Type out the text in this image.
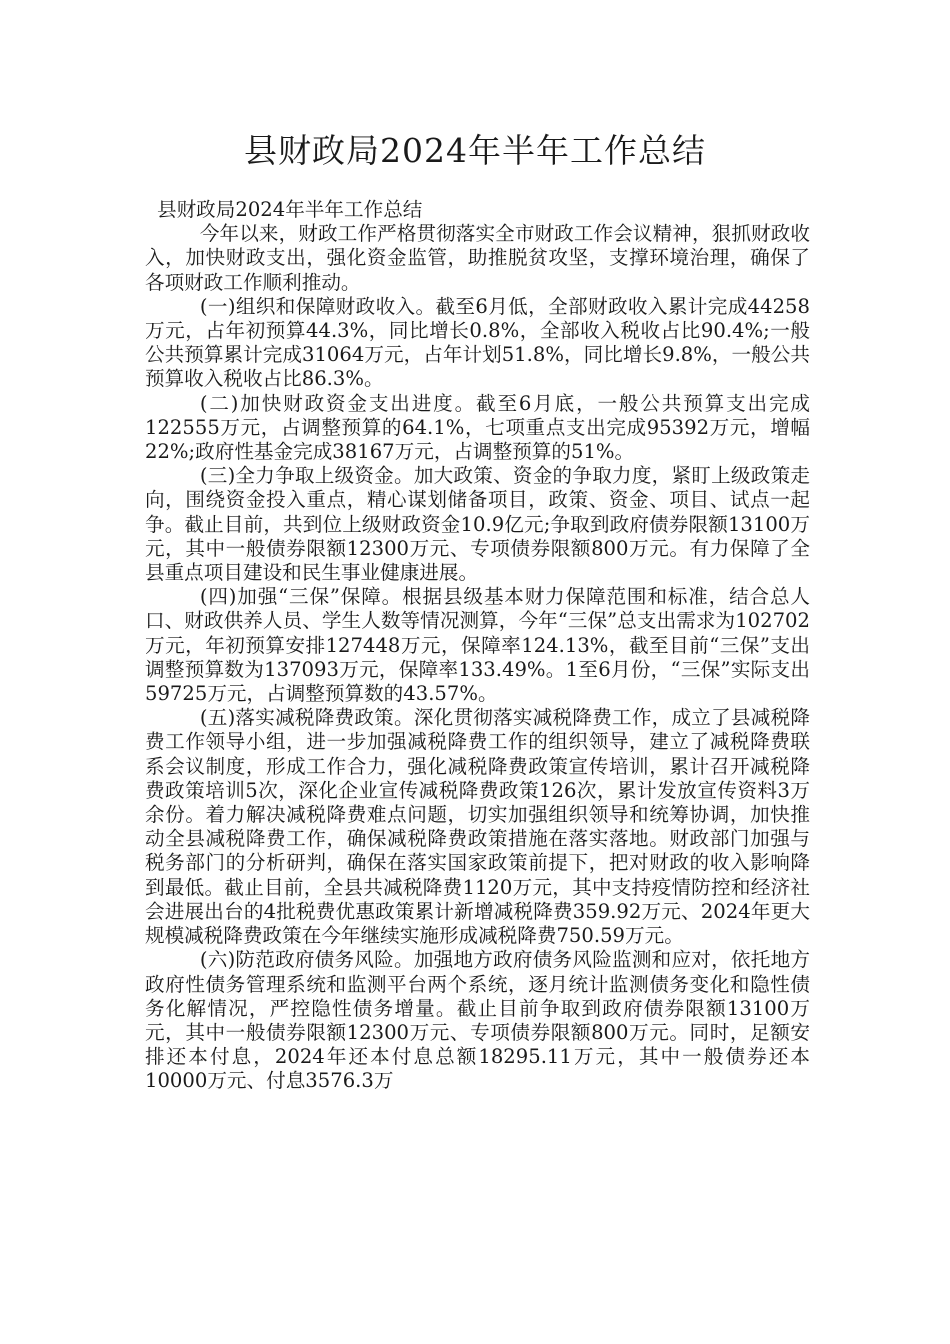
县财政局2024年半年工作总结

县财政局2024年半年工作总结

今年以来，财政工作严格贯彻落实全市财政工作会议精神，狠抓财政收入，加快财政支出，强化资金监管，助推脱贫攻坚，支撑环境治理，确保了各项财政工作顺利推动。

(一)组织和保障财政收入。截至6月低，全部财政收入累计完成44258万元，占年初预算44.3%，同比增长0.8%，全部收入税收占比90.4%;一般公共预算累计完成31064万元，占年计划51.8%，同比增长9.8%，一般公共预算收入税收占比86.3%。

(二)加快财政资金支出进度。截至6月底，一般公共预算支出完成122555万元，占调整预算的64.1%，七项重点支出完成95392万元，增幅22%;政府性基金完成38167万元，占调整预算的51%。

(三)全力争取上级资金。加大政策、资金的争取力度，紧盯上级政策走向，围绕资金投入重点，精心谋划储备项目，政策、资金、项目、试点一起争。截止目前，共到位上级财政资金10.9亿元;争取到政府债券限额13100万元，其中一般债券限额12300万元、专项债券限额800万元。有力保障了全县重点项目建设和民生事业健康进展。

(四)加强“三保”保障。根据县级基本财力保障范围和标准，结合总人口、财政供养人员、学生人数等情况测算，今年“三保”总支出需求为102702万元，年初预算安排127448万元，保障率124.13%，截至目前“三保”支出调整预算数为137093万元，保障率133.49%。1至6月份，“三保”实际支出59725万元，占调整预算数的43.57%。

(五)落实减税降费政策。深化贯彻落实减税降费工作，成立了县减税降费工作领导小组，进一步加强减税降费工作的组织领导，建立了减税降费联系会议制度，形成工作合力，强化减税降费政策宣传培训，累计召开减税降费政策培训5次，深化企业宣传减税降费政策126次，累计发放宣传资料3万余份。着力解决减税降费难点问题，切实加强组织领导和统筹协调，加快推动全县减税降费工作，确保减税降费政策措施在落实落地。财政部门加强与税务部门的分析研判，确保在落实国家政策前提下，把对财政的收入影响降到最低。截止目前，全县共减税降费1120万元，其中支持疫情防控和经济社会进展出台的4批税费优惠政策累计新增减税降费359.92万元、2024年更大规模减税降费政策在今年继续实施形成减税降费750.59万元。

(六)防范政府债务风险。加强地方政府债务风险监测和应对，依托地方政府性债务管理系统和监测平台两个系统，逐月统计监测债务变化和隐性债务化解情况，严控隐性债务增量。截止目前争取到政府债券限额13100万元，其中一般债券限额12300万元、专项债券限额800万元。同时，足额安排还本付息，2024年还本付息总额18295.11万元，其中一般债券还本10000万元、付息3576.3万
